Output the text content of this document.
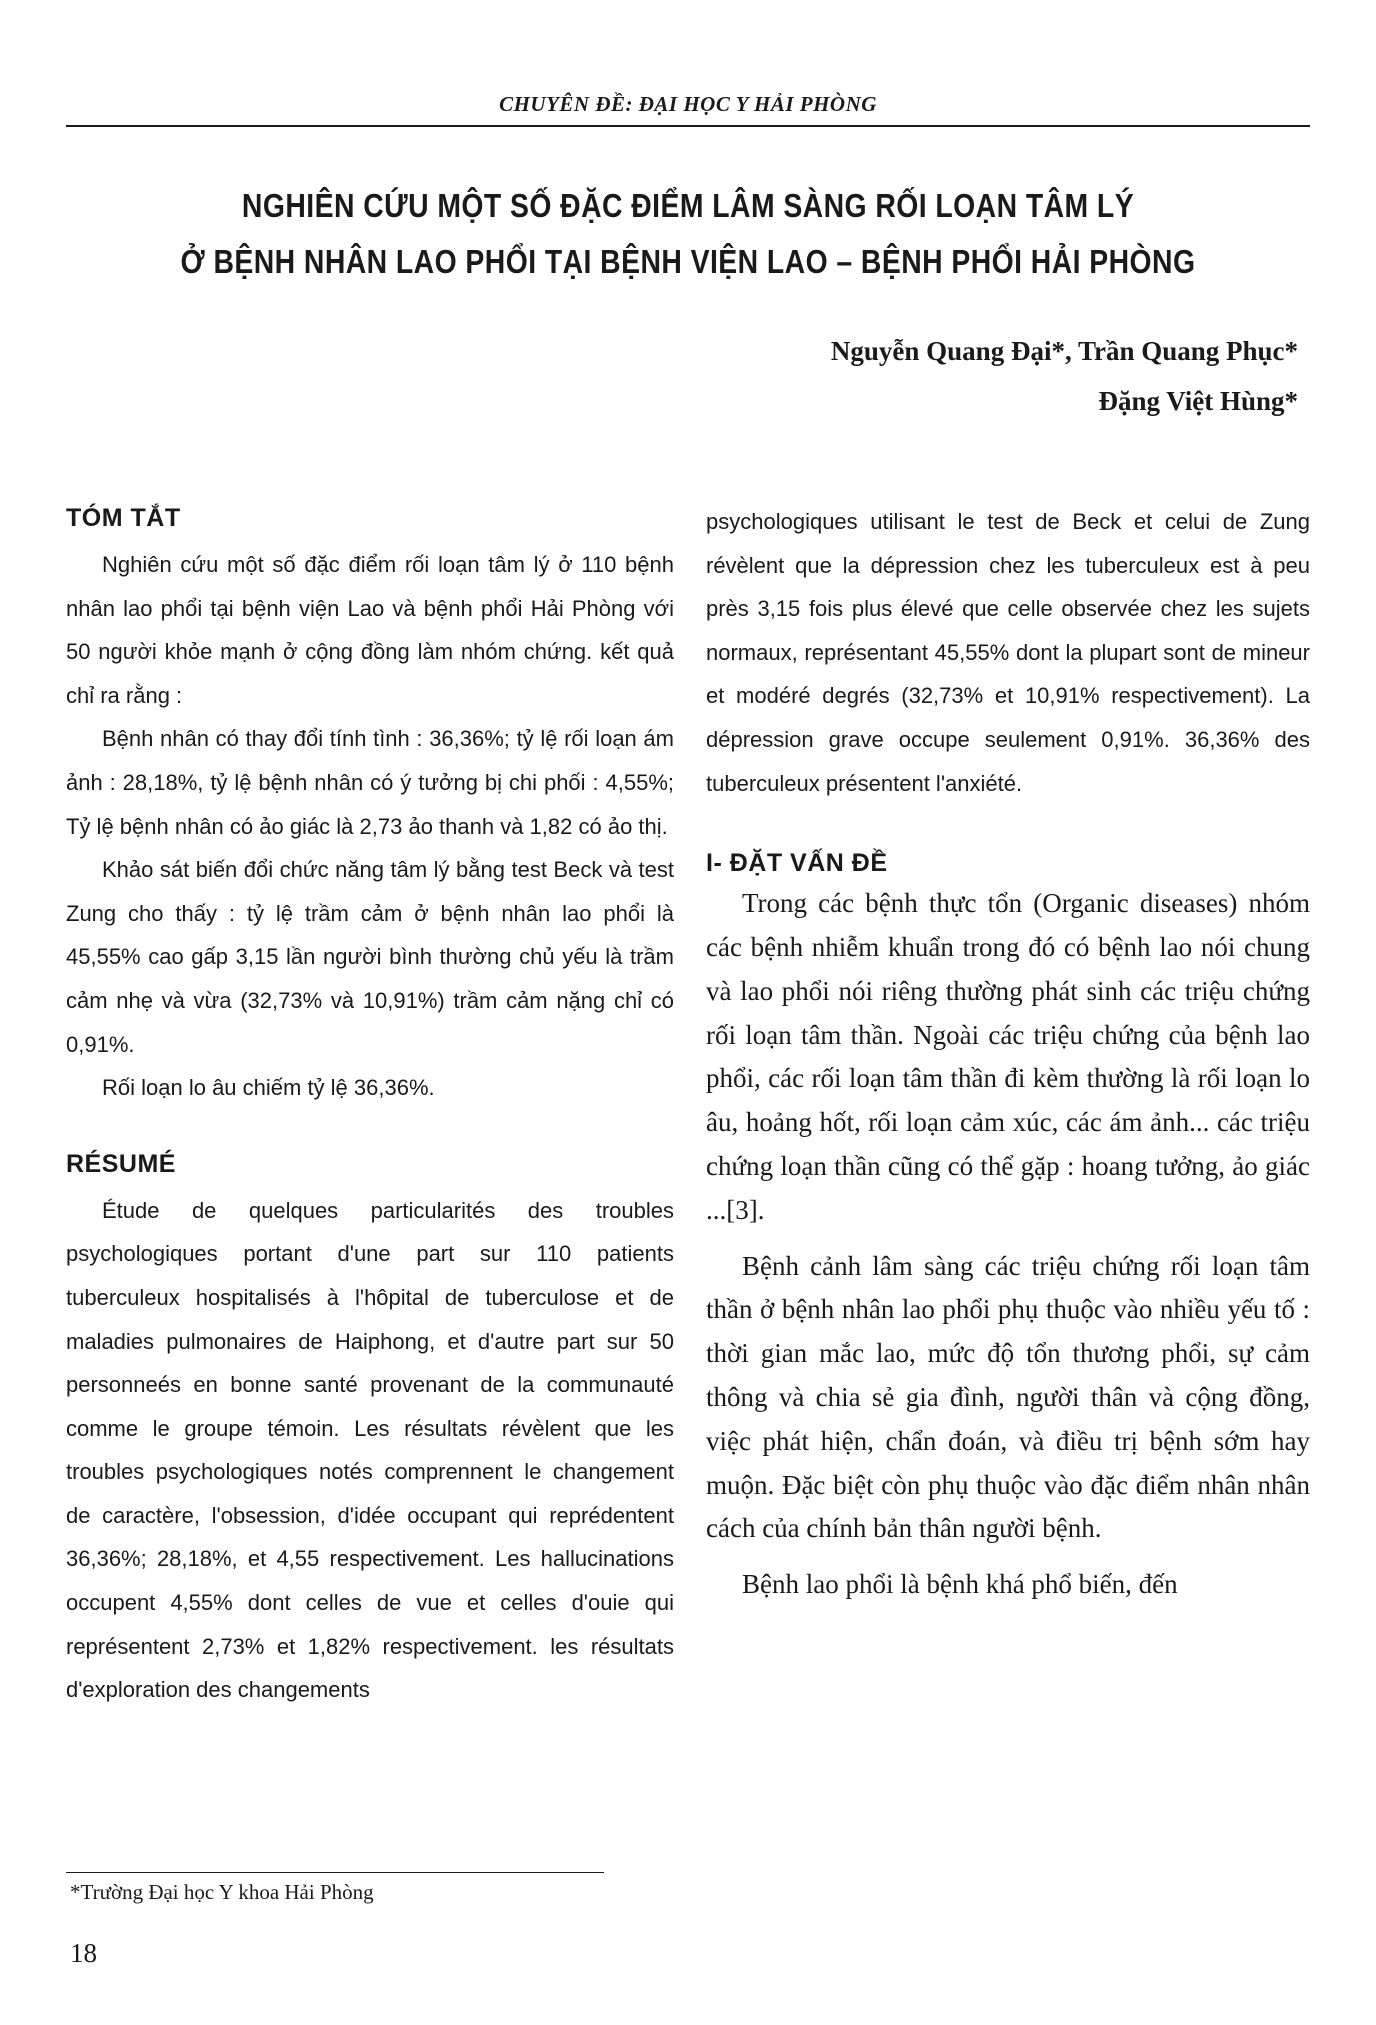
CHUYÊN ĐỀ: ĐẠI HỌC Y HẢI PHÒNG
NGHIÊN CỨU MỘT SỐ ĐẶC ĐIỂM LÂM SÀNG RỐI LOẠN TÂM LÝ
Ở BỆNH NHÂN LAO PHỔI TẠI BỆNH VIỆN LAO – BỆNH PHỔI HẢI PHÒNG
Nguyễn Quang Đại*, Trần Quang Phục*
Đặng Việt Hùng*
TÓM TẮT

Nghiên cứu một số đặc điểm rối loạn tâm lý ở 110 bệnh nhân lao phổi tại bệnh viện Lao và bệnh phổi Hải Phòng với 50 người khỏe mạnh ở cộng đồng làm nhóm chứng. kết quả chỉ ra rằng :

Bệnh nhân có thay đổi tính tình : 36,36%; tỷ lệ rối loạn ám ảnh : 28,18%, tỷ lệ bệnh nhân có ý tưởng bị chi phối : 4,55%; Tỷ lệ bệnh nhân có ảo giác là 2,73 ảo thanh và 1,82 có ảo thị.

Khảo sát biến đổi chức năng tâm lý bằng test Beck và test Zung cho thấy : tỷ lệ trầm cảm ở bệnh nhân lao phổi là 45,55% cao gấp 3,15 lần người bình thường chủ yếu là trầm cảm nhẹ và vừa (32,73% và 10,91%) trầm cảm nặng chỉ có 0,91%.

Rối loạn lo âu chiếm tỷ lệ 36,36%.

RÉSUMÉ

Étude de quelques particularités des troubles psychologiques portant d'une part sur 110 patients tuberculeux hospitalisés à l'hôpital de tuberculose et de maladies pulmonaires de Haiphong, et d'autre part sur 50 personneés en bonne santé provenant de la communauté comme le groupe témoin. Les résultats révèlent que les troubles psychologiques notés comprennent le changement de caractère, l'obsession, d'idée occupant qui reprédentent 36,36%; 28,18%, et 4,55 respectivement. Les hallucinations occupent 4,55% dont celles de vue et celles d'ouie qui représentent 2,73% et 1,82% respectivement. les résultats d'exploration des changements

psychologiques utilisant le test de Beck et celui de Zung révèlent que la dépression chez les tuberculeux est à peu près 3,15 fois plus élevé que celle observée chez les sujets normaux, représentant 45,55% dont la plupart sont de mineur et modéré degrés (32,73% et 10,91% respectivement). La dépression grave occupe seulement 0,91%. 36,36% des tuberculeux présentent l'anxiété.

I- ĐẶT VẤN ĐỀ

Trong các bệnh thực tổn (Organic diseases) nhóm các bệnh nhiễm khuẩn trong đó có bệnh lao nói chung và lao phổi nói riêng thường phát sinh các triệu chứng rối loạn tâm thần. Ngoài các triệu chứng của bệnh lao phổi, các rối loạn tâm thần đi kèm thường là rối loạn lo âu, hoảng hốt, rối loạn cảm xúc, các ám ảnh... các triệu chứng loạn thần cũng có thể gặp : hoang tưởng, ảo giác ...[3].

Bệnh cảnh lâm sàng các triệu chứng rối loạn tâm thần ở bệnh nhân lao phổi phụ thuộc vào nhiều yếu tố : thời gian mắc lao, mức độ tổn thương phổi, sự cảm thông và chia sẻ gia đình, người thân và cộng đồng, việc phát hiện, chẩn đoán, và điều trị bệnh sớm hay muộn. Đặc biệt còn phụ thuộc vào đặc điểm nhân nhân cách của chính bản thân người bệnh.

Bệnh lao phổi là bệnh khá phổ biến, đến

*Trường Đại học Y khoa Hải Phòng
18
